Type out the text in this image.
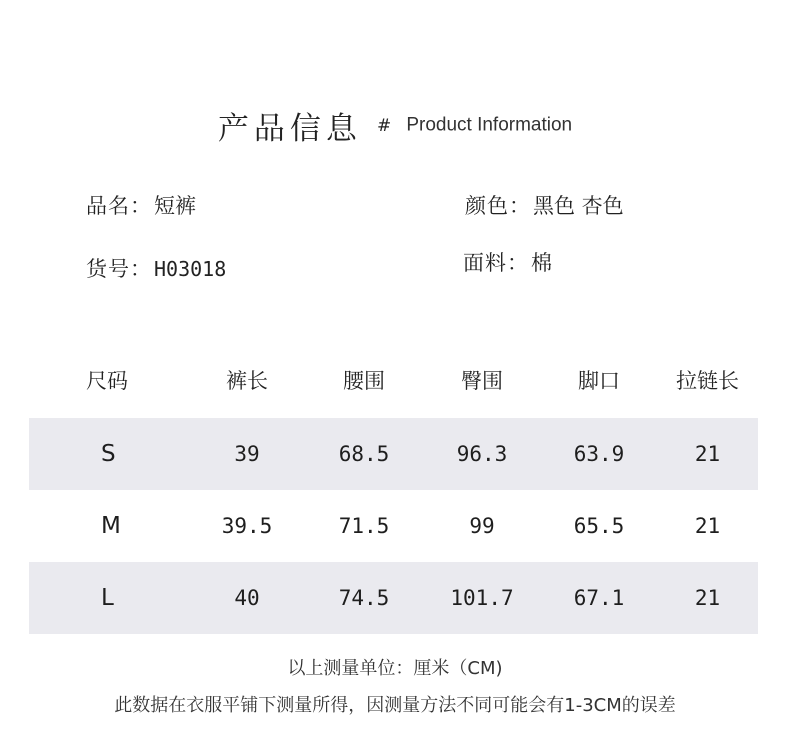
产品信息 # Product Information
品名：短裤	颜色：黑色 杏色
货号： H03018	面料：棉
尺码	裤长	腰围	臀围	脚口	拉链长
S	39	68.5	96.3	63.9	21
M	39.5	71.5	99	65.5	21
L	40	74.5	101.7	67.1	21
以上测量单位：厘米（CM)
此数据在衣服平铺下测量所得，因测量方法不同可能会有1-3CM的误差
